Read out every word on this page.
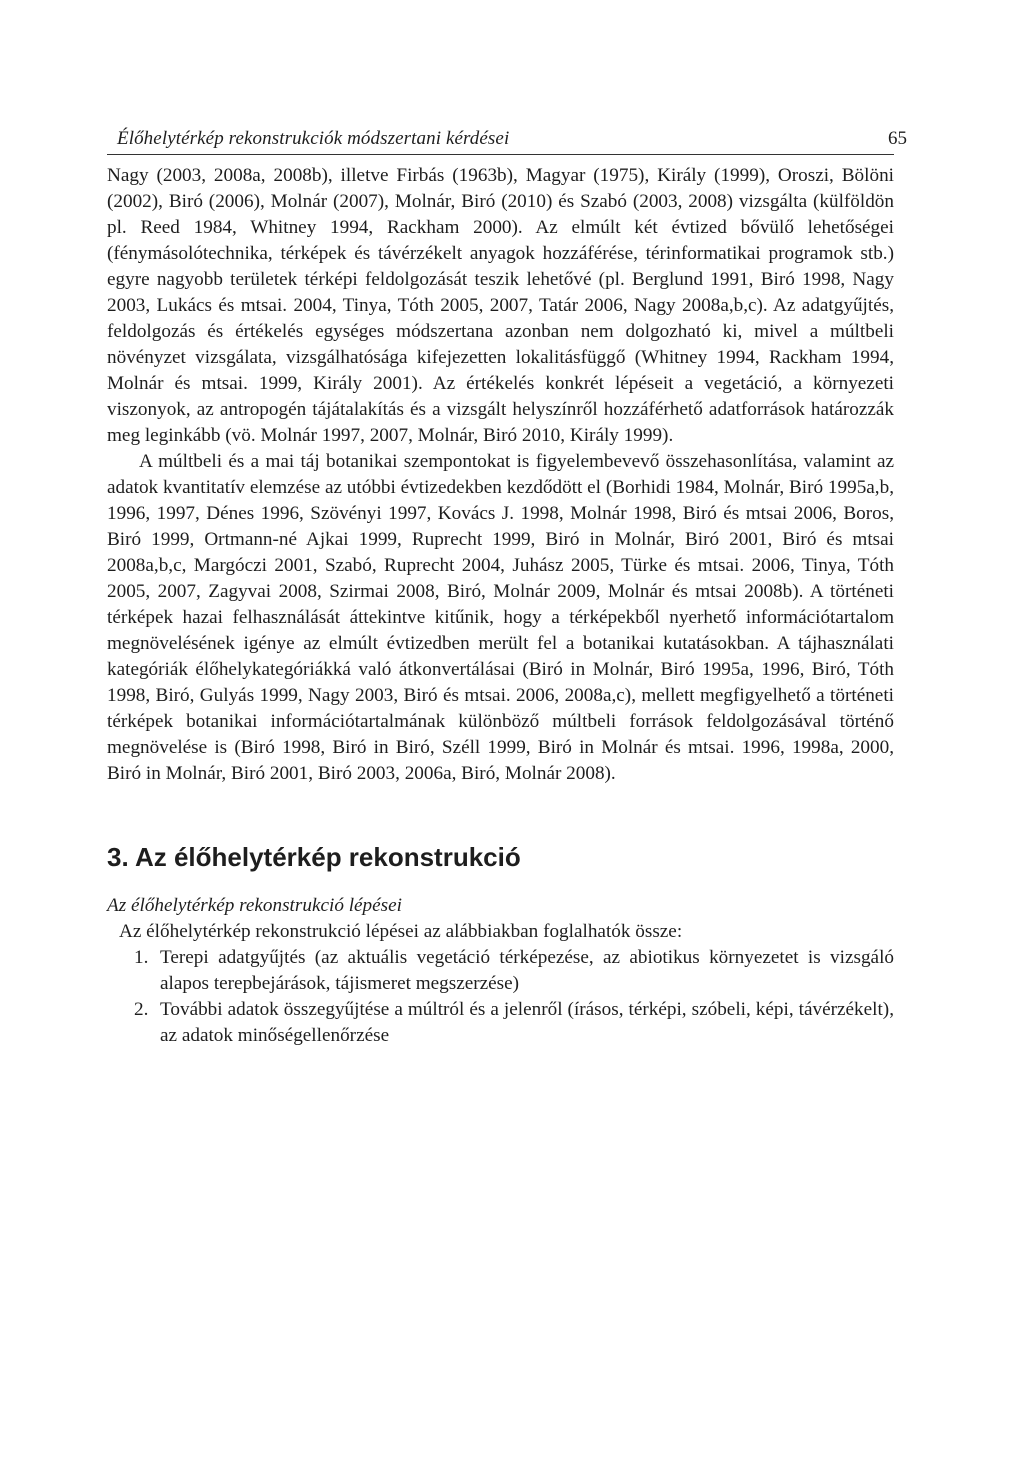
Élőhelytérkép rekonstrukciók módszertani kérdései	65

Nagy (2003, 2008a, 2008b), illetve Firbás (1963b), Magyar (1975), Király (1999), Oroszi, Bölöni (2002), Biró (2006), Molnár (2007), Molnár, Biró (2010) és Szabó (2003, 2008) vizsgálta (külföldön pl. Reed 1984, Whitney 1994, Rackham 2000). Az elmúlt két évtized bővülő lehetőségei (fénymásolótechnika, térképek és távérzékelt anyagok hozzáférése, térinformatikai programok stb.) egyre nagyobb területek térképi feldolgozását teszik lehetővé (pl. Berglund 1991, Biró 1998, Nagy 2003, Lukács és mtsai. 2004, Tinya, Tóth 2005, 2007, Tatár 2006, Nagy 2008a,b,c). Az adatgyűjtés, feldolgozás és értékelés egységes módszertana azonban nem dolgozható ki, mivel a múltbeli növényzet vizsgálata, vizsgálhatósága kifejezetten lokalitásfüggő (Whitney 1994, Rackham 1994, Molnár és mtsai. 1999, Király 2001). Az értékelés konkrét lépéseit a vegetáció, a környezeti viszonyok, az antropogén tájátalakítás és a vizsgált helyszínről hozzáférhető adatforrások határozzák meg leginkább (vö. Molnár 1997, 2007, Molnár, Biró 2010, Király 1999).

A múltbeli és a mai táj botanikai szempontokat is figyelembevevő összehasonlítása, valamint az adatok kvantitatív elemzése az utóbbi évtizedekben kezdődött el (Borhidi 1984, Molnár, Biró 1995a,b, 1996, 1997, Dénes 1996, Szövényi 1997, Kovács J. 1998, Molnár 1998, Biró és mtsai 2006, Boros, Biró 1999, Ortmann-né Ajkai 1999, Ruprecht 1999, Biró in Molnár, Biró 2001, Biró és mtsai 2008a,b,c, Margóczi 2001, Szabó, Ruprecht 2004, Juhász 2005, Türke és mtsai. 2006, Tinya, Tóth 2005, 2007, Zagyvai 2008, Szirmai 2008, Biró, Molnár 2009, Molnár és mtsai 2008b). A történeti térképek hazai felhasználását áttekintve kitűnik, hogy a térképekből nyerhető információtartalom megnövelésének igénye az elmúlt évtizedben merült fel a botanikai kutatásokban. A tájhasználati kategóriák élőhelykategóriákká való átkonvertálásai (Biró in Molnár, Biró 1995a, 1996, Biró, Tóth 1998, Biró, Gulyás 1999, Nagy 2003, Biró és mtsai. 2006, 2008a,c), mellett megfigyelhető a történeti térképek botanikai információtartalmának különböző múltbeli források feldolgozásával történő megnövelése is (Biró 1998, Biró in Biró, Széll 1999, Biró in Molnár és mtsai. 1996, 1998a, 2000, Biró in Molnár, Biró 2001, Biró 2003, 2006a, Biró, Molnár 2008).

3. Az élőhelytérkép rekonstrukció
Az élőhelytérkép rekonstrukció lépései

Az élőhelytérkép rekonstrukció lépései az alábbiakban foglalhatók össze:

1. Terepi adatgyűjtés (az aktuális vegetáció térképezése, az abiotikus környezetet is vizsgáló alapos terepbejárások, tájismeret megszerzése)
2. További adatok összegyűjtése a múltról és a jelenről (írásos, térképi, szóbeli, képi, távérzékelt), az adatok minőségellenőrzése
